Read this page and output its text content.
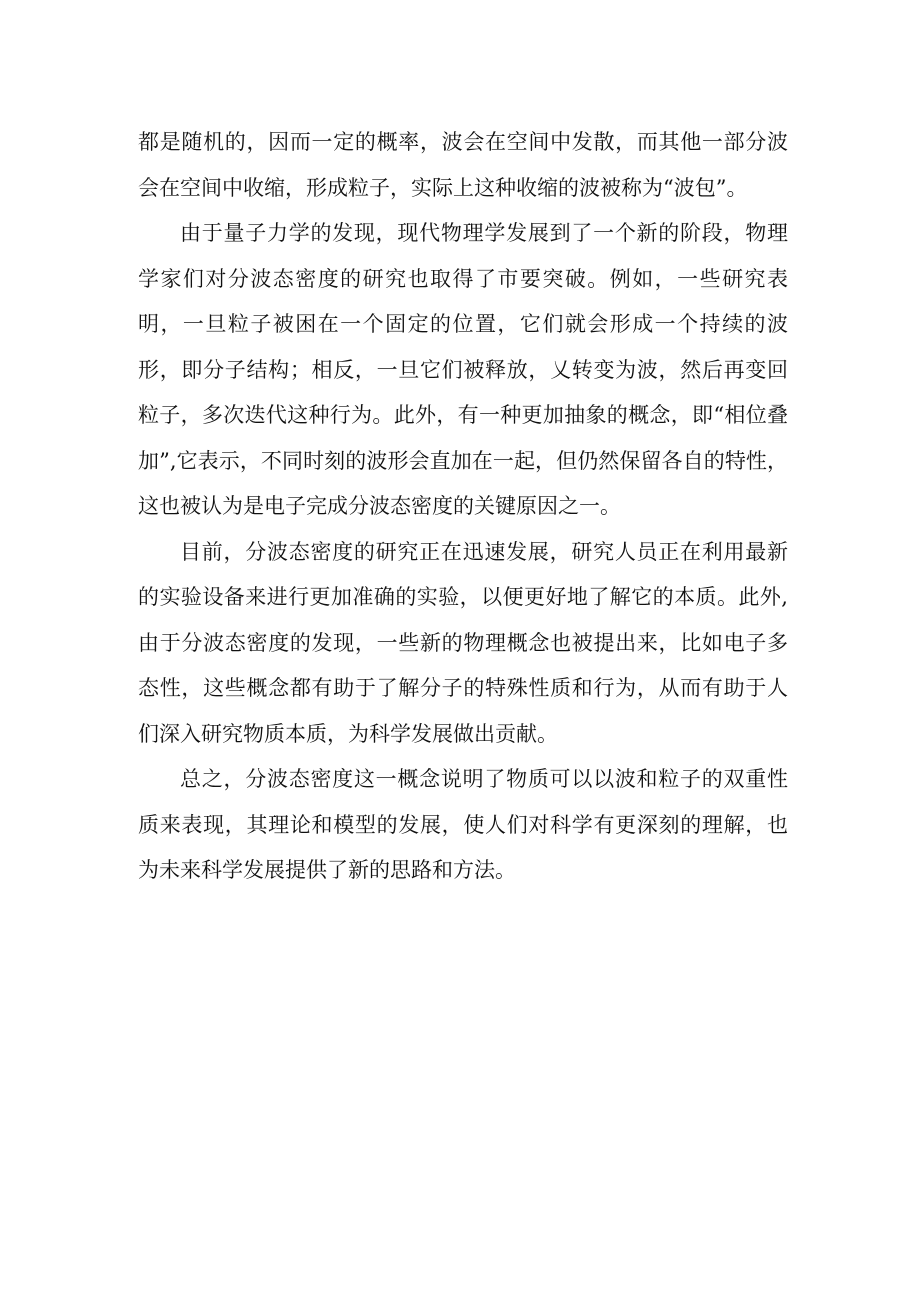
都是随机的，因而一定的概率，波会在空间中发散，而其他一部分波会在空间中收缩，形成粒子，实际上这种收缩的波被称为“波包”。

由于量子力学的发现，现代物理学发展到了一个新的阶段，物理学家们对分波态密度的研究也取得了市要突破。例如，一些研究表明，一旦粒子被困在一个固定的位置，它们就会形成一个持续的波形，即分子结构；相反，一旦它们被释放，乂转变为波，然后再变回粒子，多次迭代这种行为。此外，有一种更加抽象的概念，即“相位叠加”,它表示，不同时刻的波形会直加在一起，但仍然保留各自的特性，这也被认为是电子完成分波态密度的关键原因之一。

目前，分波态密度的研究正在迅速发展，研究人员正在利用最新的实验设备来进行更加准确的实验，以便更好地了解它的本质。此外,由于分波态密度的发现，一些新的物理概念也被提出来，比如电子多态性，这些概念都有助于了解分子的特殊性质和行为，从而有助于人们深入研究物质本质，为科学发展做出贡献。

总之，分波态密度这一概念说明了物质可以以波和粒子的双重性质来表现，其理论和模型的发展，使人们对科学有更深刻的理解，也为未来科学发展提供了新的思路和方法。
